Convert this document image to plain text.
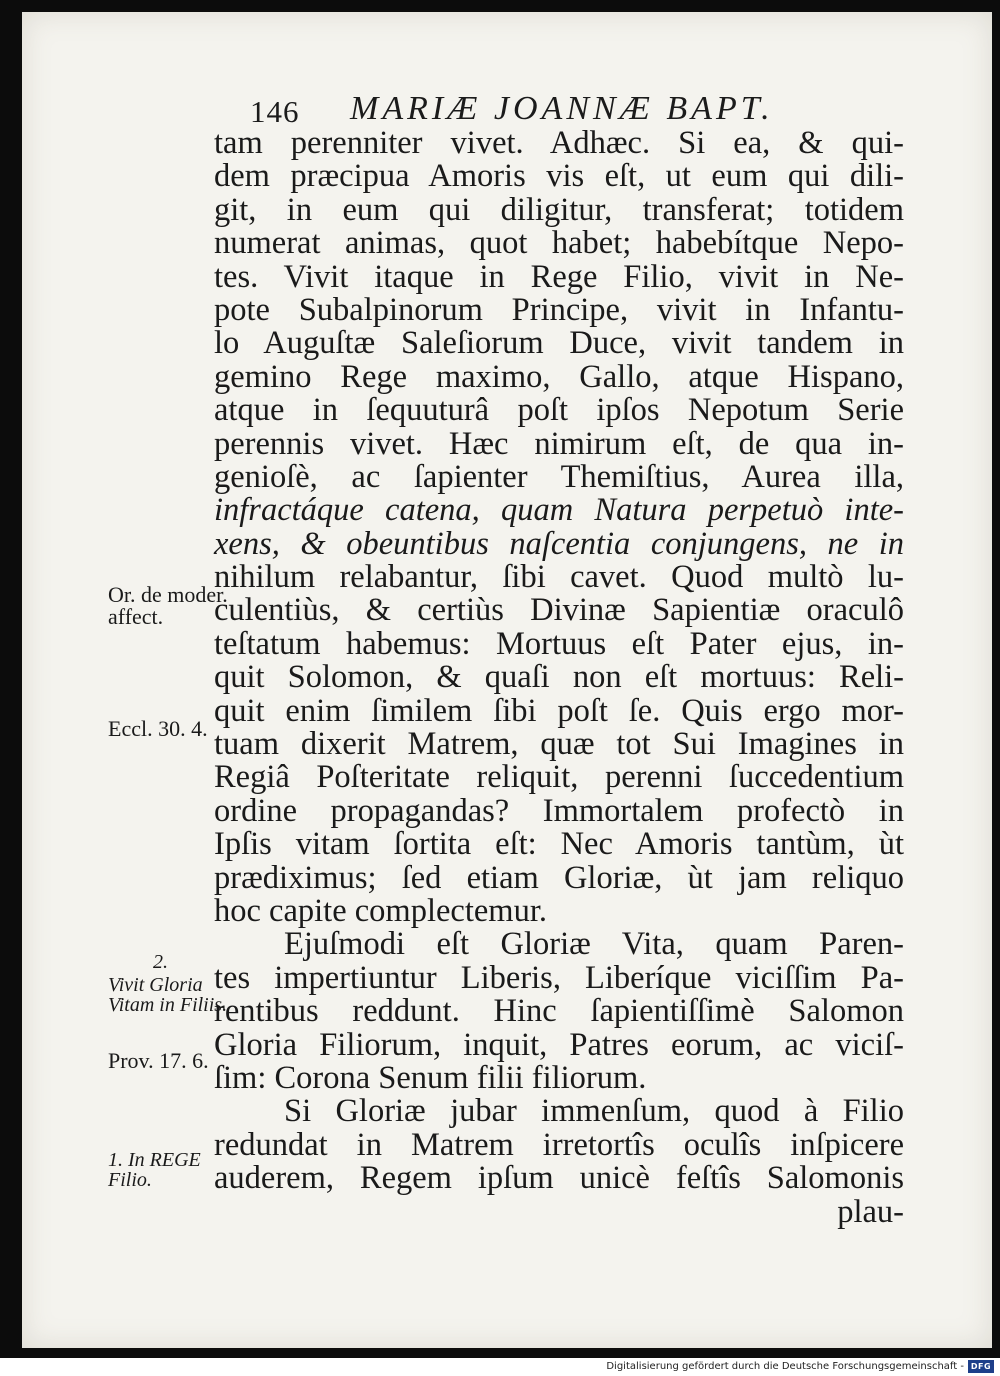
146 MARIÆ JOANNÆ BAPT.
tam perenniter vivet. Adhæc. Si ea, & qui-
dem præcipua Amoris vis eſt, ut eum qui dili-
git, in eum qui diligitur, transferat; totidem
numerat animas, quot habet; habebítque Nepo-
tes. Vivit itaque in Rege Filio, vivit in Ne-
pote Subalpinorum Principe, vivit in Infantu-
lo Auguſtæ Saleſiorum Duce, vivit tandem in
gemino Rege maximo, Gallo, atque Hispano,
atque in ſequuturâ poſt ipſos Nepotum Serie
perennis vivet. Hæc nimirum eſt, de qua in-
genioſè, ac ſapienter Themiſtius, Aurea illa,
infractáque catena, quam Natura perpetuò inte-
xens, & obeuntibus naſcentia conjungens, ne in
nihilum relabantur, ſibi cavet. Quod multò lu-
culentiùs, & certiùs Divinæ Sapientiæ oraculô
teſtatum habemus: Mortuus eſt Pater ejus, in-
quit Solomon, & quaſi non eſt mortuus: Reli-
quit enim ſimilem ſibi poſt ſe. Quis ergo mor-
tuam dixerit Matrem, quæ tot Sui Imagines in
Regiâ Poſteritate reliquit, perenni ſuccedentium
ordine propagandas? Immortalem profectò in
Ipſis vitam ſortita eſt: Nec Amoris tantùm, ùt
prædiximus; ſed etiam Gloriæ, ùt jam reliquo
hoc capite complectemur.
Ejuſmodi eſt Gloriæ Vita, quam Paren-
tes impertiuntur Liberis, Liberíque viciſſim Pa-
rentibus reddunt. Hinc ſapientiſſimè Salomon
Gloria Filiorum, inquit, Patres eorum, ac viciſ-
ſim: Corona Senum filii filiorum.
Si Gloriæ jubar immenſum, quod à Filio
redundat in Matrem irretortîs oculîs inſpicere
auderem, Regem ipſum unicè feſtîs Salomonis
plau-
Or. de moder. affect.
Eccl. 30. 4.
2.
Vivit Gloria Vitam in Filiis.
Prov. 17. 6.
1. In REGE Filio.
Digitalisierung gefördert durch die Deutsche Forschungsgemeinschaft - DFG
